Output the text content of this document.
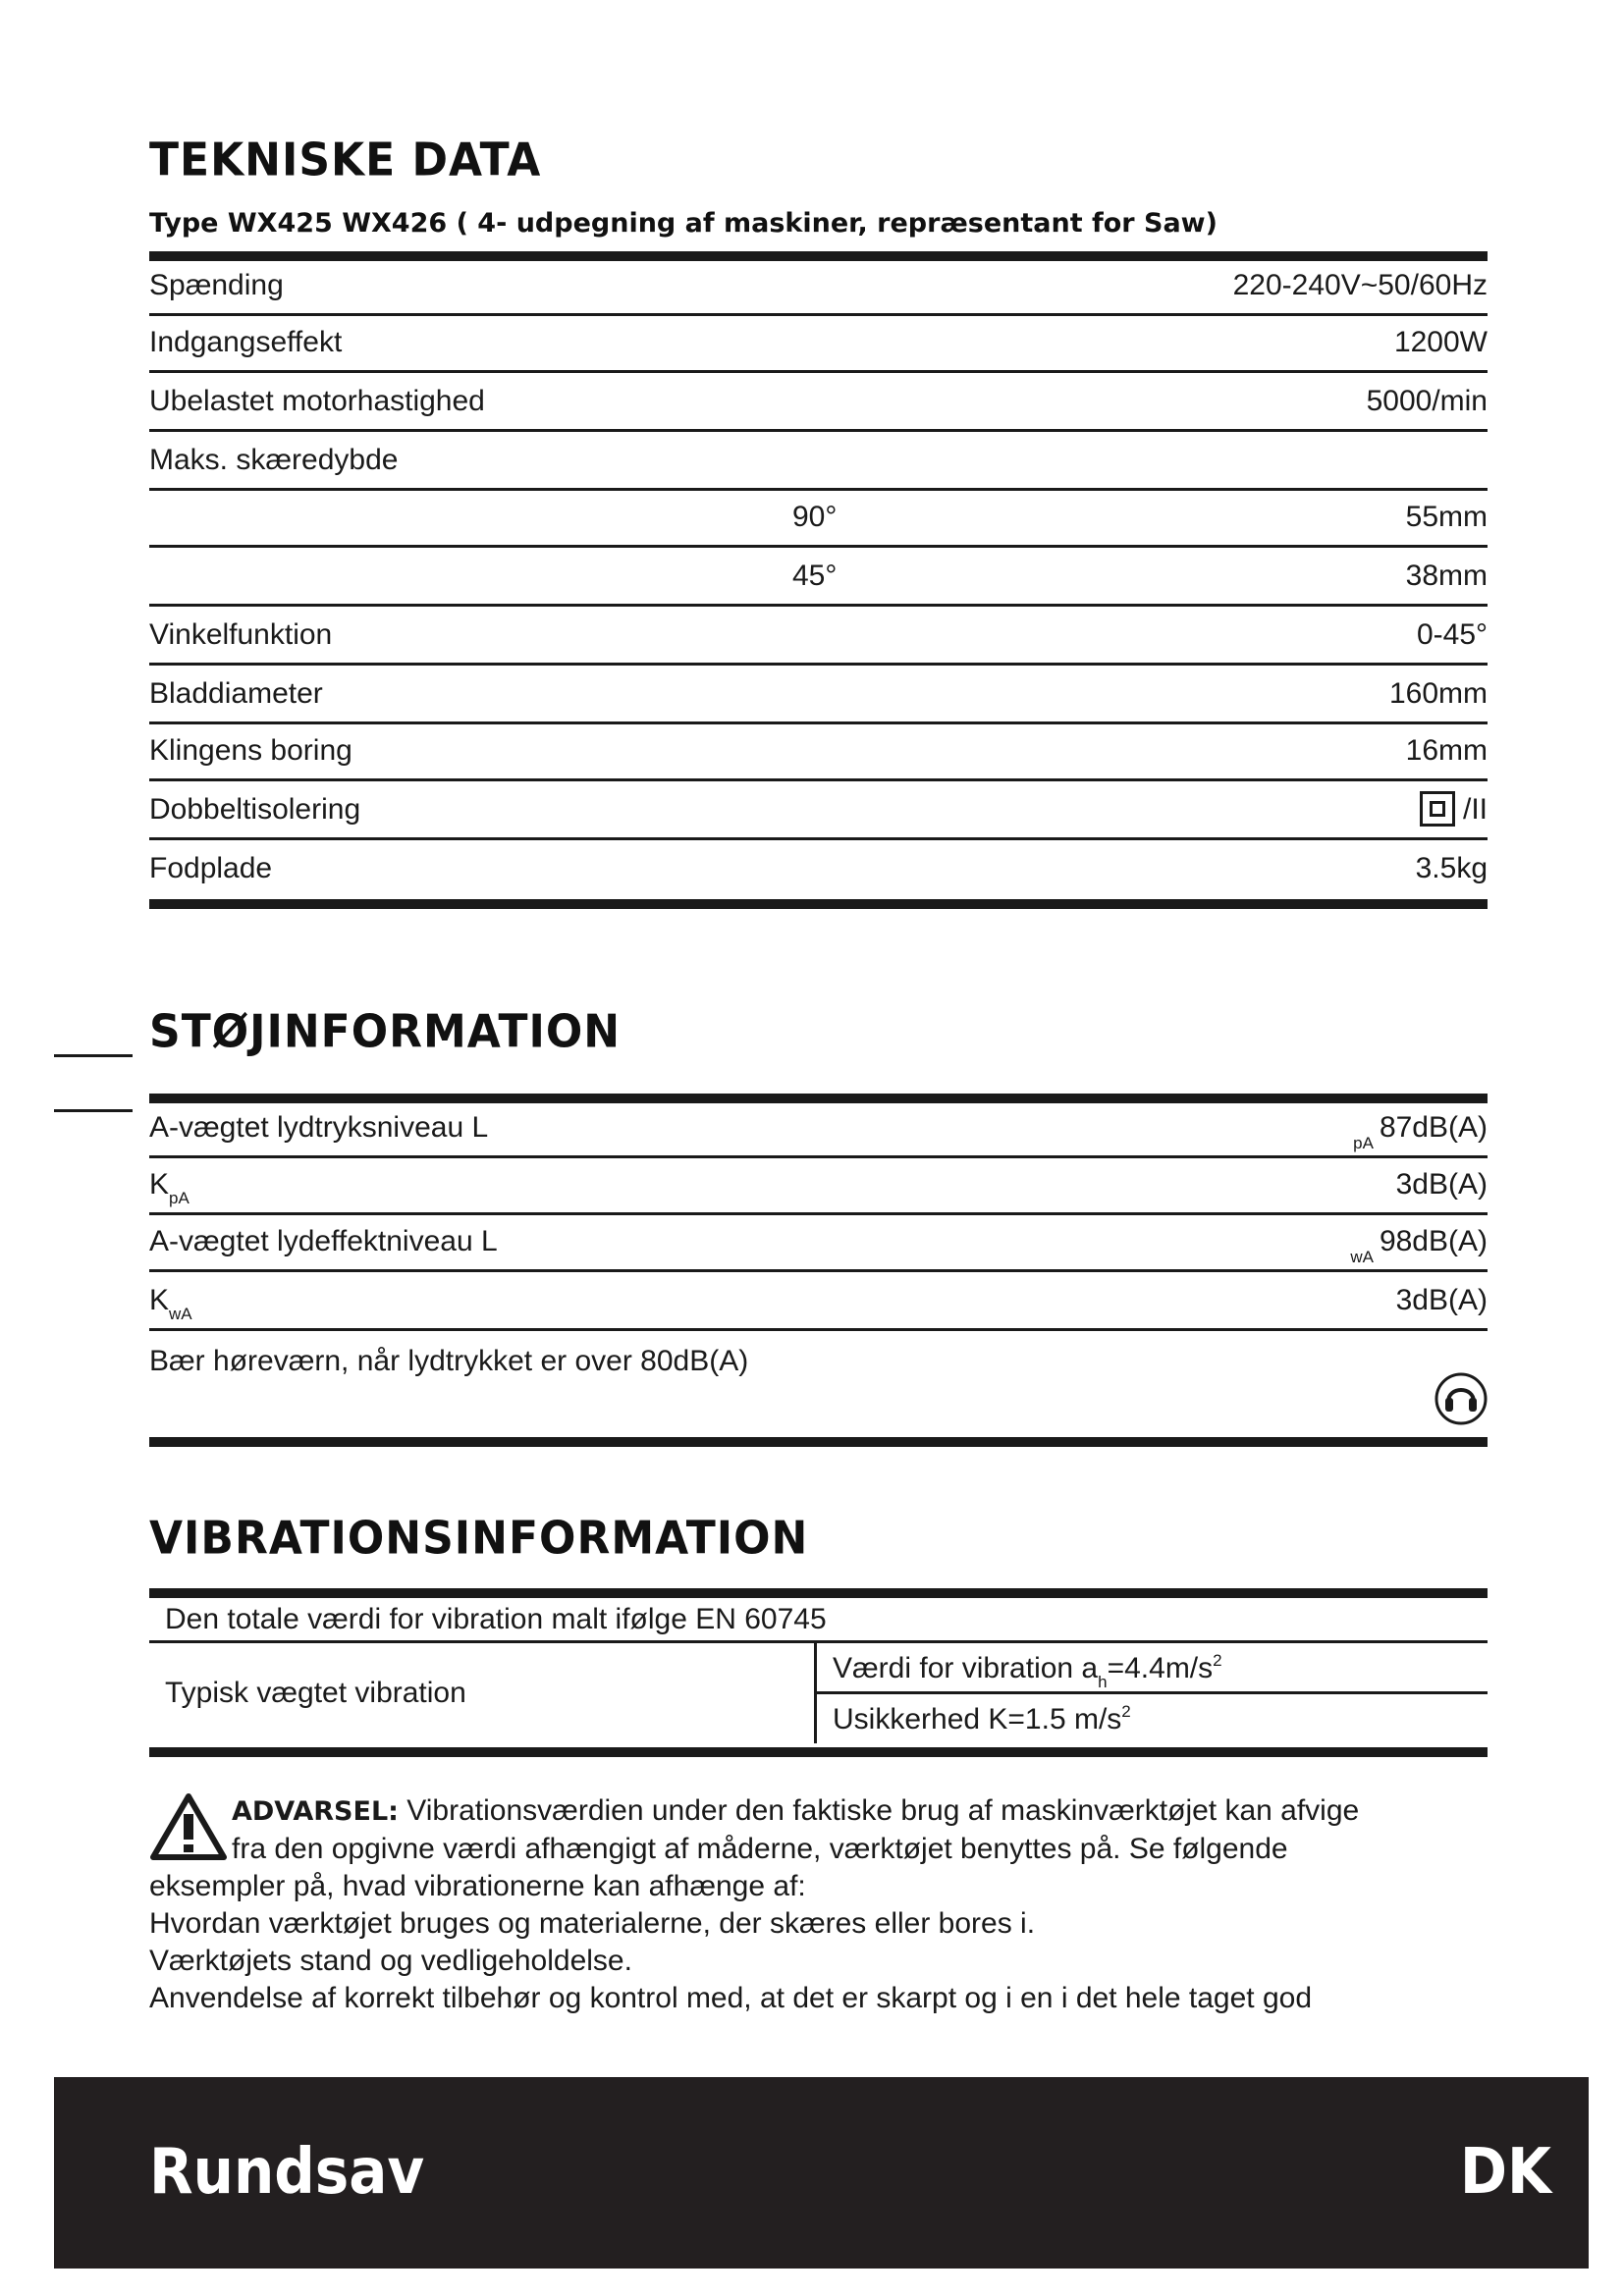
TEKNISKE DATA

Type WX425 WX426 ( 4- udpegning af maskiner, repræsentant for Saw)

Spænding	220-240V~50/60Hz
Indgangseffekt	1200W
Ubelastet motorhastighed	5000/min
Maks. skæredybde
90°	55mm
45°	38mm
Vinkelfunktion	0-45°
Bladdiameter	160mm
Klingens boring	16mm
Dobbeltisolering	/II
Fodplade	3.5kg
STØJINFORMATION
A-vægtet lydtryksniveau L	$_{pA}$ 87dB(A)
$K_{pA}$	3dB(A)
A-vægtet lydeffektniveau L	$_{wA}$ 98dB(A)
$K_{wA}$	3dB(A)
Bær høreværn, når lydtrykket er over 80dB(A)
VIBRATIONSINFORMATION
Den totale værdi for vibration malt ifølge EN 60745
Typisk vægtet vibration
Værdi for vibration $a_h=4.4m/s^2$
Usikkerhed K=1.5 $m/s^2$
ADVARSEL: Vibrationsværdien under den faktiske brug af maskinværktøjet kan afvige
fra den opgivne værdi afhængigt af måderne, værktøjet benyttes på. Se følgende
eksempler på, hvad vibrationerne kan afhænge af:
Hvordan værktøjet bruges og materialerne, der skæres eller bores i.
Værktøjets stand og vedligeholdelse.
Anvendelse af korrekt tilbehør og kontrol med, at det er skarpt og i en i det hele taget god
Rundsav	DK
